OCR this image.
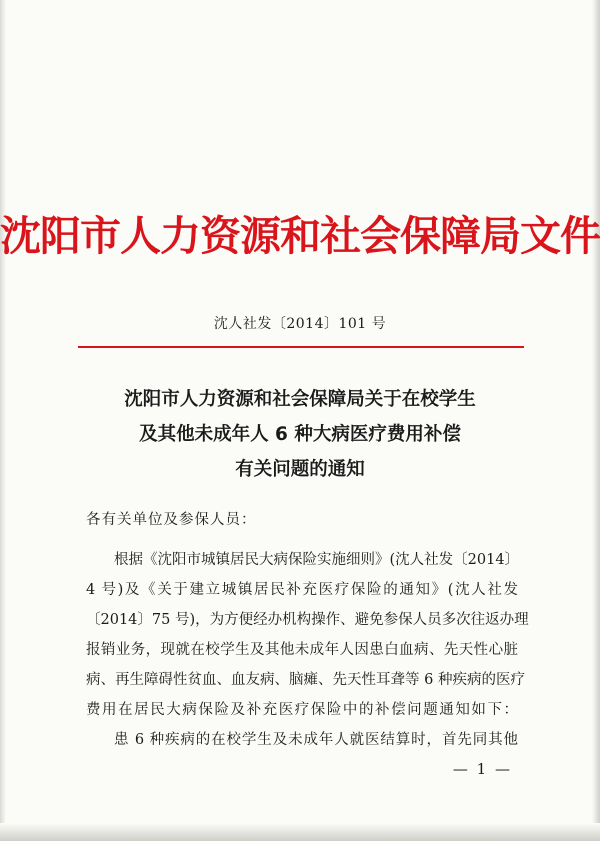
沈阳市人力资源和社会保障局文件
沈人社发〔2014〕101 号
沈阳市人力资源和社会保障局关于在校学生
及其他未成年人 6 种大病医疗费用补偿
有关问题的通知
各有关单位及参保人员：
根据《沈阳市城镇居民大病保险实施细则》(沈人社发〔2014〕
4 号)及《关于建立城镇居民补充医疗保险的通知》(沈人社发
〔2014〕75 号)，为方便经办机构操作、避免参保人员多次往返办理
报销业务，现就在校学生及其他未成年人因患白血病、先天性心脏
病、再生障碍性贫血、血友病、脑瘫、先天性耳聋等 6 种疾病的医疗
费用在居民大病保险及补充医疗保险中的补偿问题通知如下：
患 6 种疾病的在校学生及未成年人就医结算时，首先同其他
— 1 —
